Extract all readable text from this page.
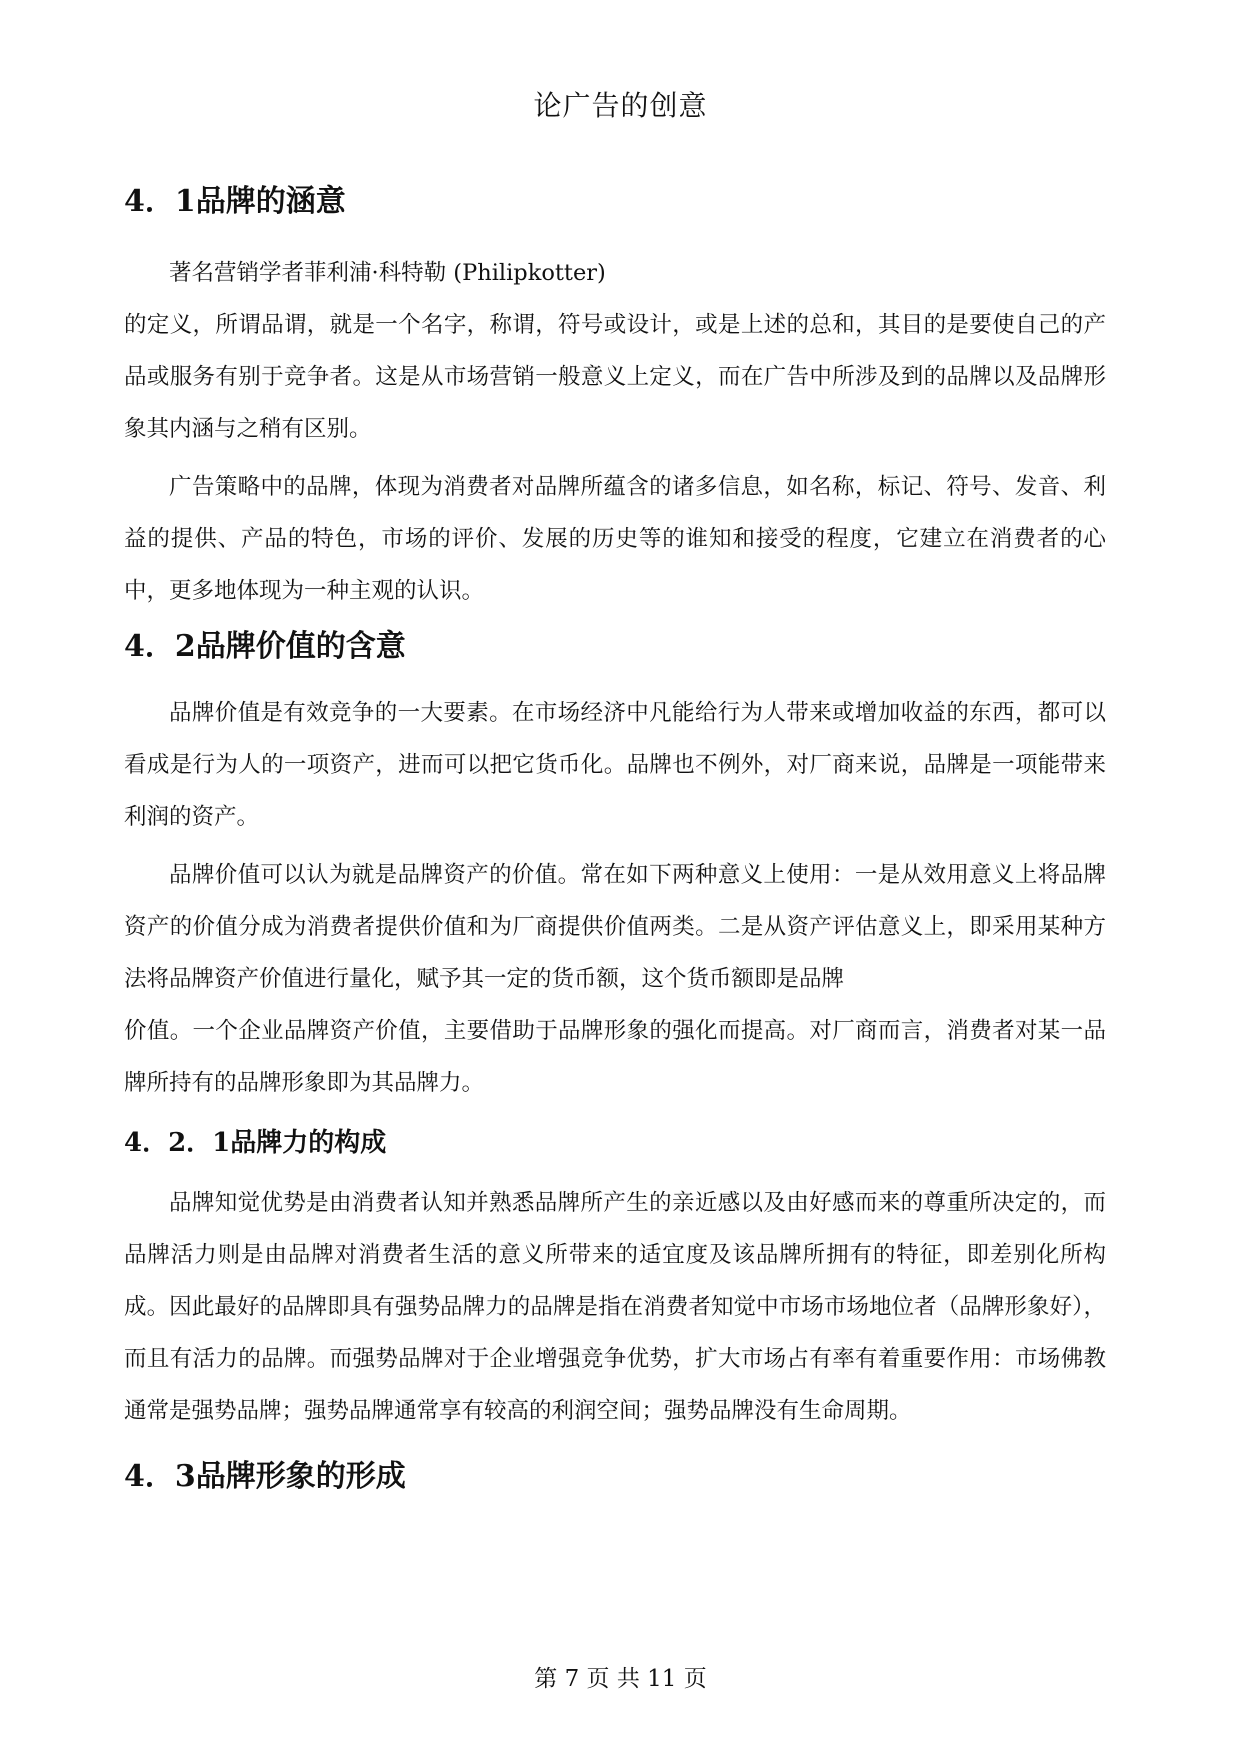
论广告的创意
4．1品牌的涵意

著名营销学者菲利浦·科特勒 (Philipkotter)

的定义，所谓品谓，就是一个名字，称谓，符号或设计，或是上述的总和，其目的是要使自己的产品或服务有别于竞争者。这是从市场营销一般意义上定义，而在广告中所涉及到的品牌以及品牌形象其内涵与之稍有区别。

广告策略中的品牌，体现为消费者对品牌所蕴含的诸多信息，如名称，标记、符号、发音、利益的提供、产品的特色，市场的评价、发展的历史等的谁知和接受的程度，它建立在消费者的心中，更多地体现为一种主观的认识。

4．2品牌价值的含意

品牌价值是有效竞争的一大要素。在市场经济中凡能给行为人带来或增加收益的东西，都可以看成是行为人的一项资产，进而可以把它货币化。品牌也不例外，对厂商来说，品牌是一项能带来利润的资产。

品牌价值可以认为就是品牌资产的价值。常在如下两种意义上使用：一是从效用意义上将品牌资产的价值分成为消费者提供价值和为厂商提供价值两类。二是从资产评估意义上，即采用某种方法将品牌资产价值进行量化，赋予其一定的货币额，这个货币额即是品牌

价值。一个企业品牌资产价值，主要借助于品牌形象的强化而提高。对厂商而言，消费者对某一品牌所持有的品牌形象即为其品牌力。

4．2．1品牌力的构成

品牌知觉优势是由消费者认知并熟悉品牌所产生的亲近感以及由好感而来的尊重所决定的，而品牌活力则是由品牌对消费者生活的意义所带来的适宜度及该品牌所拥有的特征，即差别化所构成。因此最好的品牌即具有强势品牌力的品牌是指在消费者知觉中市场市场地位者（品牌形象好），而且有活力的品牌。而强势品牌对于企业增强竞争优势，扩大市场占有率有着重要作用：市场佛教通常是强势品牌；强势品牌通常享有较高的利润空间；强势品牌没有生命周期。

4．3品牌形象的形成
第 7 页 共 11 页
